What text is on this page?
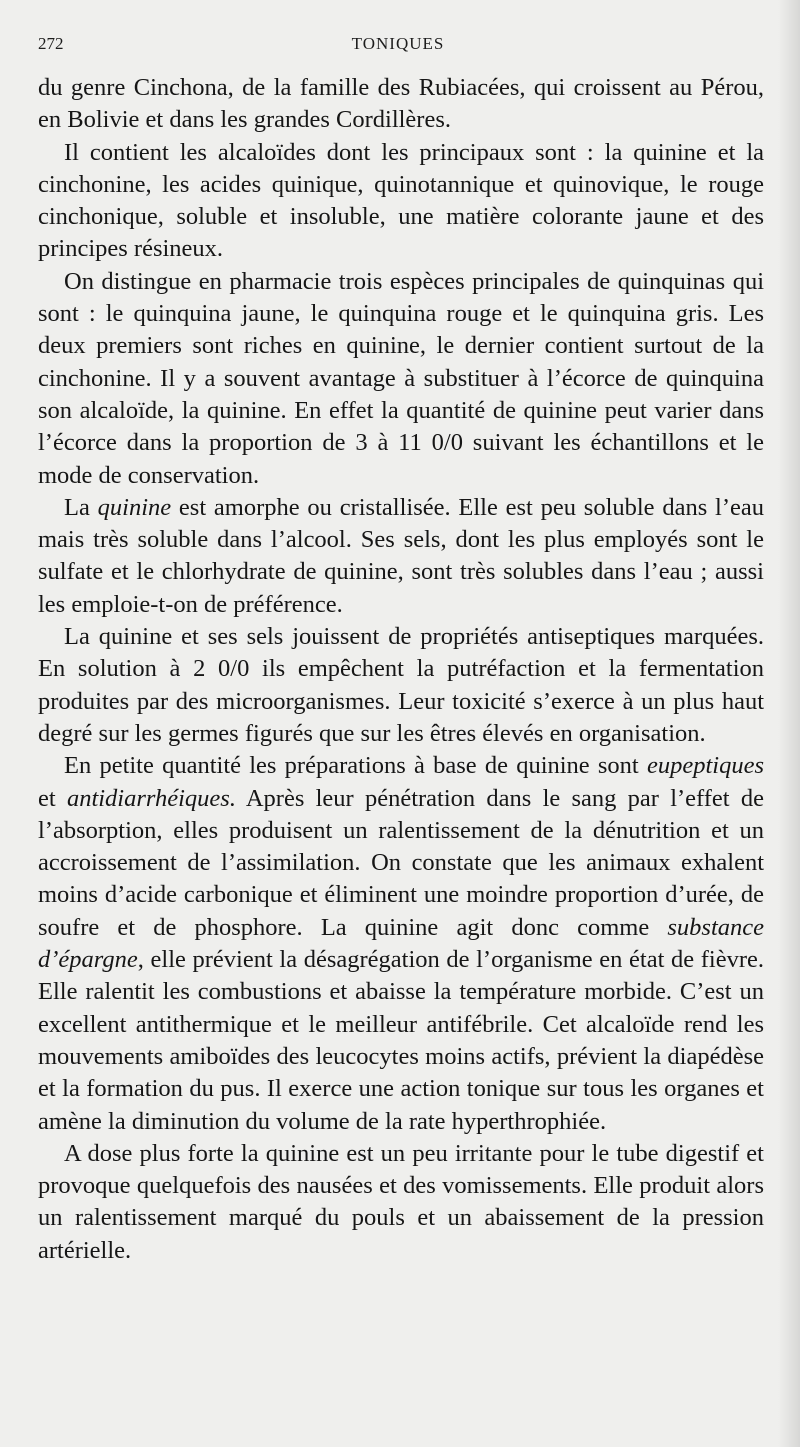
272	TONIQUES

du genre Cinchona, de la famille des Rubiacées, qui croissent au Pérou, en Bolivie et dans les grandes Cordillères.

Il contient les alcaloïdes dont les principaux sont : la quinine et la cinchonine, les acides quinique, quinotannique et quinovique, le rouge cinchonique, soluble et insoluble, une matière colorante jaune et des principes résineux.

On distingue en pharmacie trois espèces principales de quinquinas qui sont : le quinquina jaune, le quinquina rouge et le quinquina gris. Les deux premiers sont riches en quinine, le dernier contient surtout de la cinchonine. Il y a souvent avantage à substituer à l’écorce de quinquina son alcaloïde, la quinine. En effet la quantité de quinine peut varier dans l’écorce dans la proportion de 3 à 11 0/0 suivant les échantillons et le mode de conservation.

La quinine est amorphe ou cristallisée. Elle est peu soluble dans l’eau mais très soluble dans l’alcool. Ses sels, dont les plus employés sont le sulfate et le chlorhydrate de quinine, sont très solubles dans l’eau ; aussi les emploie-t-on de préférence.

La quinine et ses sels jouissent de propriétés antiseptiques marquées. En solution à 2 0/0 ils empêchent la putréfaction et la fermentation produites par des microorganismes. Leur toxicité s’exerce à un plus haut degré sur les germes figurés que sur les êtres élevés en organisation.

En petite quantité les préparations à base de quinine sont eupeptiques et antidiarrhéiques. Après leur pénétration dans le sang par l’effet de l’absorption, elles produisent un ralentissement de la dénutrition et un accroissement de l’assimilation. On constate que les animaux exhalent moins d’acide carbonique et éliminent une moindre proportion d’urée, de soufre et de phosphore. La quinine agit donc comme substance d’épargne, elle prévient la désagrégation de l’organisme en état de fièvre. Elle ralentit les combustions et abaisse la température morbide. C’est un excellent antithermique et le meilleur antifébrile. Cet alcaloïde rend les mouvements amiboïdes des leucocytes moins actifs, prévient la diapédèse et la formation du pus. Il exerce une action tonique sur tous les organes et amène la diminution du volume de la rate hyperthrophiée.

A dose plus forte la quinine est un peu irritante pour le tube digestif et provoque quelquefois des nausées et des vomissements. Elle produit alors un ralentissement marqué du pouls et un abaissement de la pression artérielle.
